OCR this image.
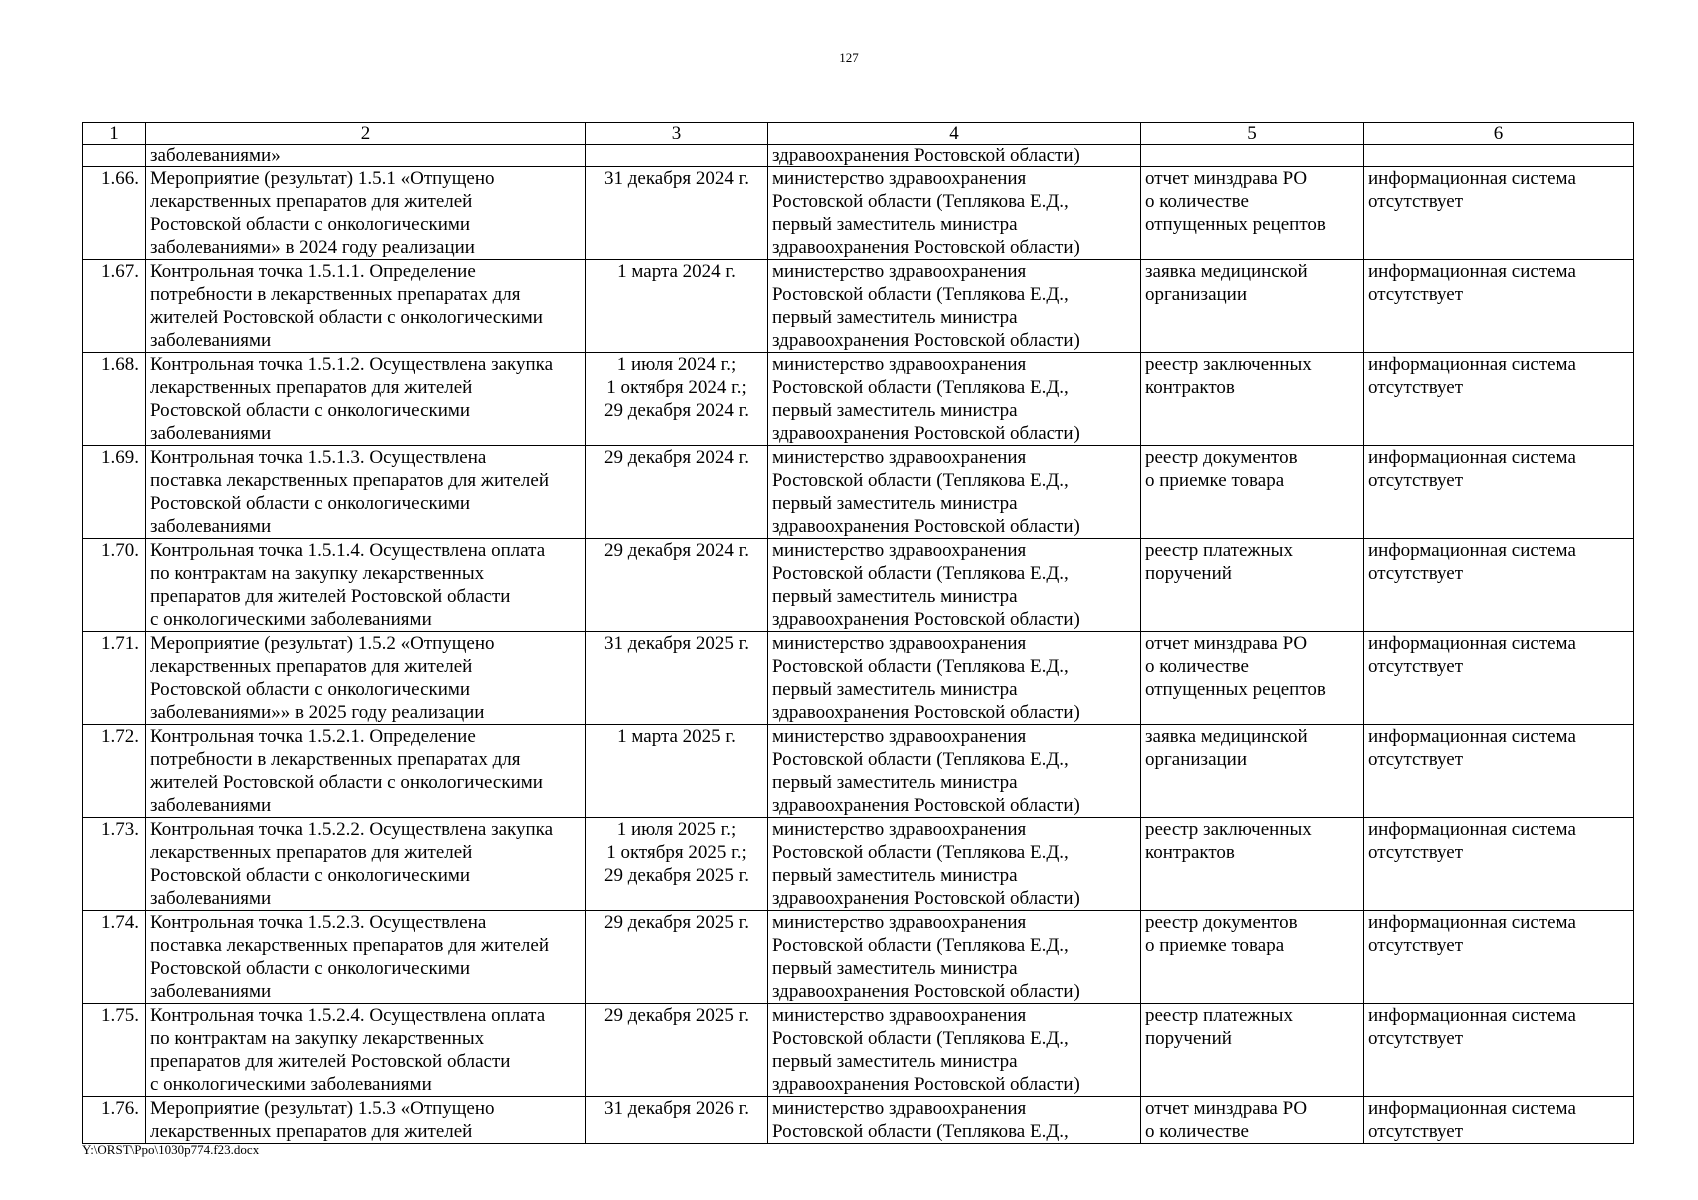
127
1	2	3	4	5	6
	заболеваниями»		здравоохранения Ростовской области)		
1.66.	Мероприятие (результат) 1.5.1 «Отпущено
лекарственных препаратов для жителей
Ростовской области с онкологическими
заболеваниями» в 2024 году реализации	31 декабря 2024 г.	министерство здравоохранения
Ростовской области (Теплякова Е.Д.,
первый заместитель министра
здравоохранения Ростовской области)	отчет минздрава РО
о количестве
отпущенных рецептов	информационная система
отсутствует
1.67.	Контрольная точка 1.5.1.1. Определение
потребности в лекарственных препаратах для
жителей Ростовской области с онкологическими
заболеваниями	1 марта 2024 г.	министерство здравоохранения
Ростовской области (Теплякова Е.Д.,
первый заместитель министра
здравоохранения Ростовской области)	заявка медицинской
организации	информационная система
отсутствует
1.68.	Контрольная точка 1.5.1.2. Осуществлена закупка
лекарственных препаратов для жителей
Ростовской области с онкологическими
заболеваниями	1 июля 2024 г.;
1 октября 2024 г.;
29 декабря 2024 г.	министерство здравоохранения
Ростовской области (Теплякова Е.Д.,
первый заместитель министра
здравоохранения Ростовской области)	реестр заключенных
контрактов	информационная система
отсутствует
1.69.	Контрольная точка 1.5.1.3. Осуществлена
поставка лекарственных препаратов для жителей
Ростовской области с онкологическими
заболеваниями	29 декабря 2024 г.	министерство здравоохранения
Ростовской области (Теплякова Е.Д.,
первый заместитель министра
здравоохранения Ростовской области)	реестр документов
о приемке товара	информационная система
отсутствует
1.70.	Контрольная точка 1.5.1.4. Осуществлена оплата
по контрактам на закупку лекарственных
препаратов для жителей Ростовской области
с онкологическими заболеваниями	29 декабря 2024 г.	министерство здравоохранения
Ростовской области (Теплякова Е.Д.,
первый заместитель министра
здравоохранения Ростовской области)	реестр платежных
поручений	информационная система
отсутствует
1.71.	Мероприятие (результат) 1.5.2 «Отпущено
лекарственных препаратов для жителей
Ростовской области с онкологическими
заболеваниями»» в 2025 году реализации	31 декабря 2025 г.	министерство здравоохранения
Ростовской области (Теплякова Е.Д.,
первый заместитель министра
здравоохранения Ростовской области)	отчет минздрава РО
о количестве
отпущенных рецептов	информационная система
отсутствует
1.72.	Контрольная точка 1.5.2.1. Определение
потребности в лекарственных препаратах для
жителей Ростовской области с онкологическими
заболеваниями	1 марта 2025 г.	министерство здравоохранения
Ростовской области (Теплякова Е.Д.,
первый заместитель министра
здравоохранения Ростовской области)	заявка медицинской
организации	информационная система
отсутствует
1.73.	Контрольная точка 1.5.2.2. Осуществлена закупка
лекарственных препаратов для жителей
Ростовской области с онкологическими
заболеваниями	1 июля 2025 г.;
1 октября 2025 г.;
29 декабря 2025 г.	министерство здравоохранения
Ростовской области (Теплякова Е.Д.,
первый заместитель министра
здравоохранения Ростовской области)	реестр заключенных
контрактов	информационная система
отсутствует
1.74.	Контрольная точка 1.5.2.3. Осуществлена
поставка лекарственных препаратов для жителей
Ростовской области с онкологическими
заболеваниями	29 декабря 2025 г.	министерство здравоохранения
Ростовской области (Теплякова Е.Д.,
первый заместитель министра
здравоохранения Ростовской области)	реестр документов
о приемке товара	информационная система
отсутствует
1.75.	Контрольная точка 1.5.2.4. Осуществлена оплата
по контрактам на закупку лекарственных
препаратов для жителей Ростовской области
с онкологическими заболеваниями	29 декабря 2025 г.	министерство здравоохранения
Ростовской области (Теплякова Е.Д.,
первый заместитель министра
здравоохранения Ростовской области)	реестр платежных
поручений	информационная система
отсутствует
1.76.	Мероприятие (результат) 1.5.3 «Отпущено
лекарственных препаратов для жителей	31 декабря 2026 г.	министерство здравоохранения
Ростовской области (Теплякова Е.Д.,	отчет минздрава РО
о количестве	информационная система
отсутствует
Y:\ORST\Ppo\1030p774.f23.docx
